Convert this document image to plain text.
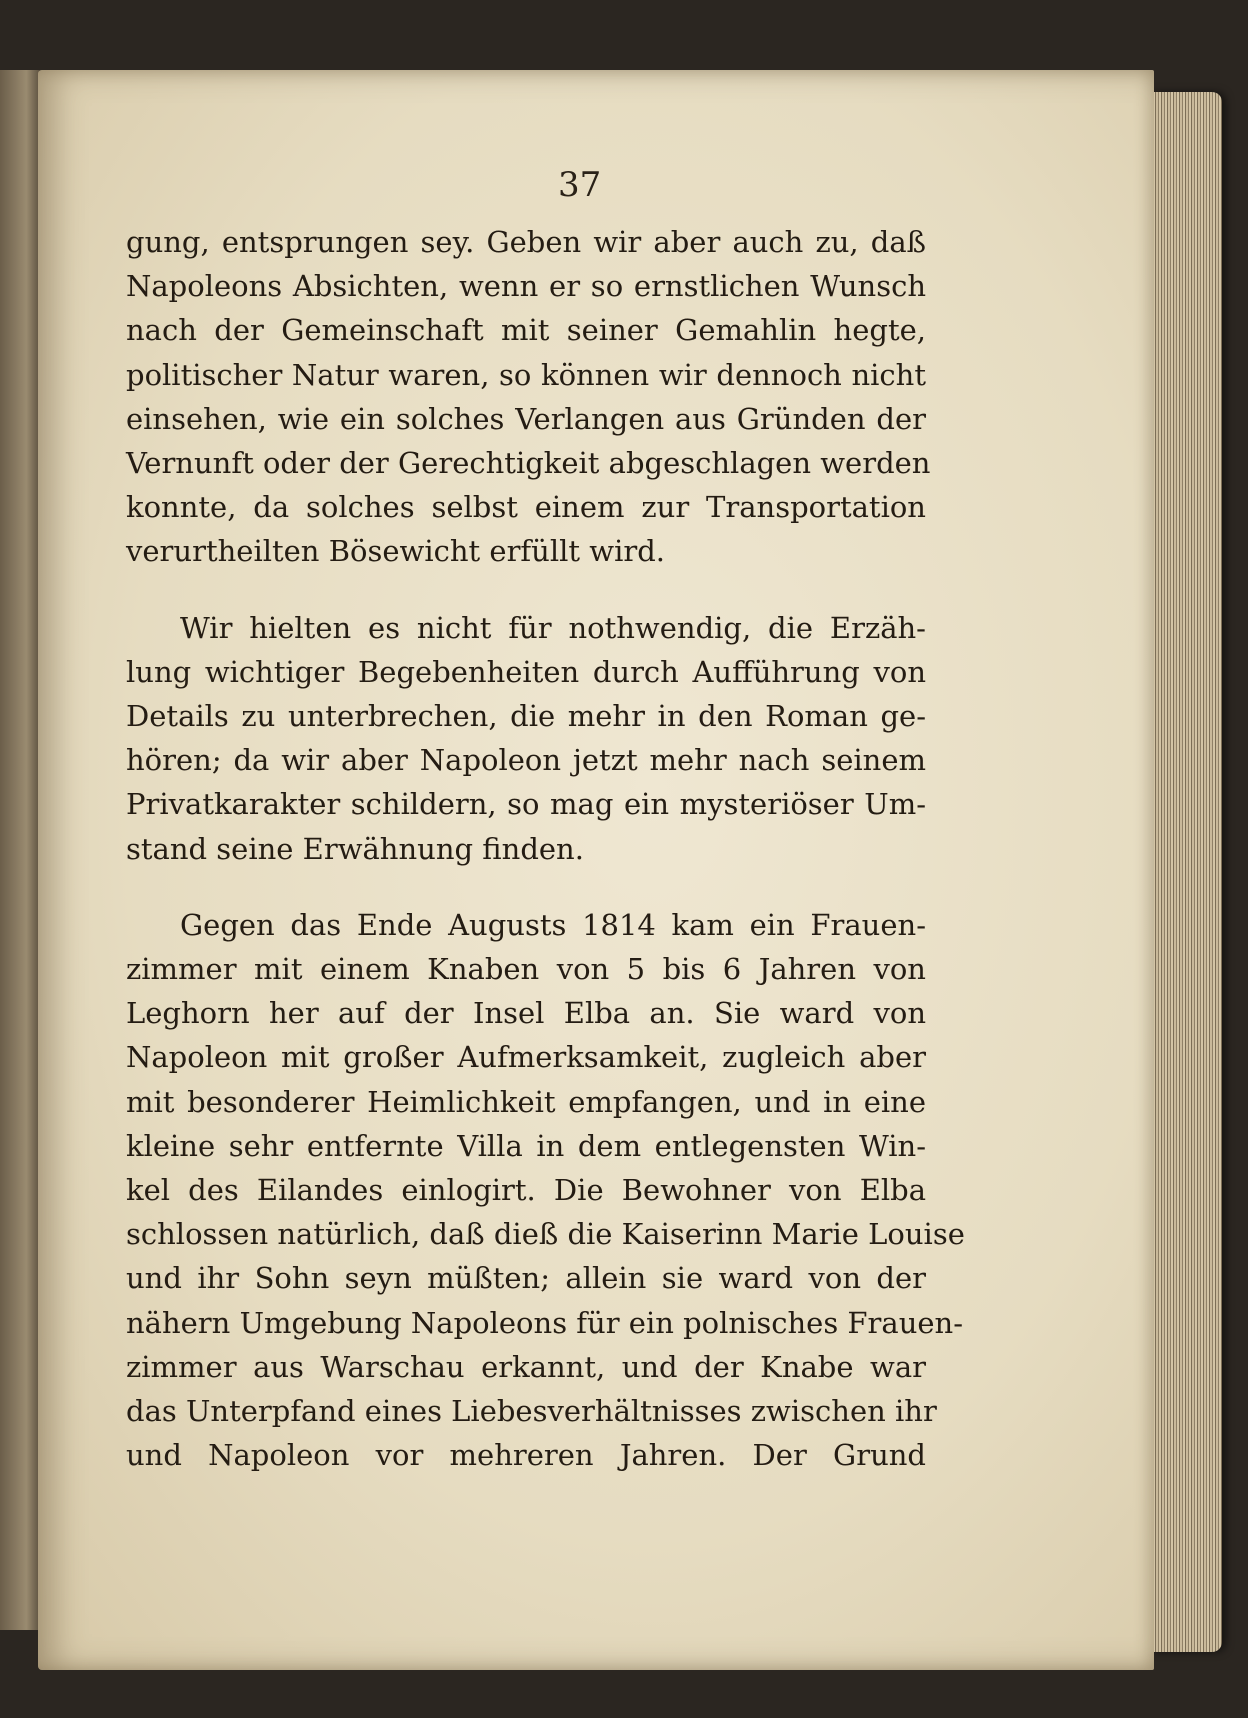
37

gung, entsprungen sey. Geben wir aber auch zu, daß
Napoleons Absichten, wenn er so ernstlichen Wunsch
nach der Gemeinschaft mit seiner Gemahlin hegte,
politischer Natur waren, so können wir dennoch nicht
einsehen, wie ein solches Verlangen aus Gründen der
Vernunft oder der Gerechtigkeit abgeschlagen werden
konnte, da solches selbst einem zur Transportation
verurtheilten Bösewicht erfüllt wird.

Wir hielten es nicht für nothwendig, die Erzäh-
lung wichtiger Begebenheiten durch Aufführung von
Details zu unterbrechen, die mehr in den Roman ge-
hören; da wir aber Napoleon jetzt mehr nach seinem
Privatkarakter schildern, so mag ein mysteriöser Um-
stand seine Erwähnung finden.

Gegen das Ende Augusts 1814 kam ein Frauen-
zimmer mit einem Knaben von 5 bis 6 Jahren von
Leghorn her auf der Insel Elba an. Sie ward von
Napoleon mit großer Aufmerksamkeit, zugleich aber
mit besonderer Heimlichkeit empfangen, und in eine
kleine sehr entfernte Villa in dem entlegensten Win-
kel des Eilandes einlogirt. Die Bewohner von Elba
schlossen natürlich, daß dieß die Kaiserinn Marie Louise
und ihr Sohn seyn müßten; allein sie ward von der
nähern Umgebung Napoleons für ein polnisches Frauen-
zimmer aus Warschau erkannt, und der Knabe war
das Unterpfand eines Liebesverhältnisses zwischen ihr
und Napoleon vor mehreren Jahren. Der Grund
